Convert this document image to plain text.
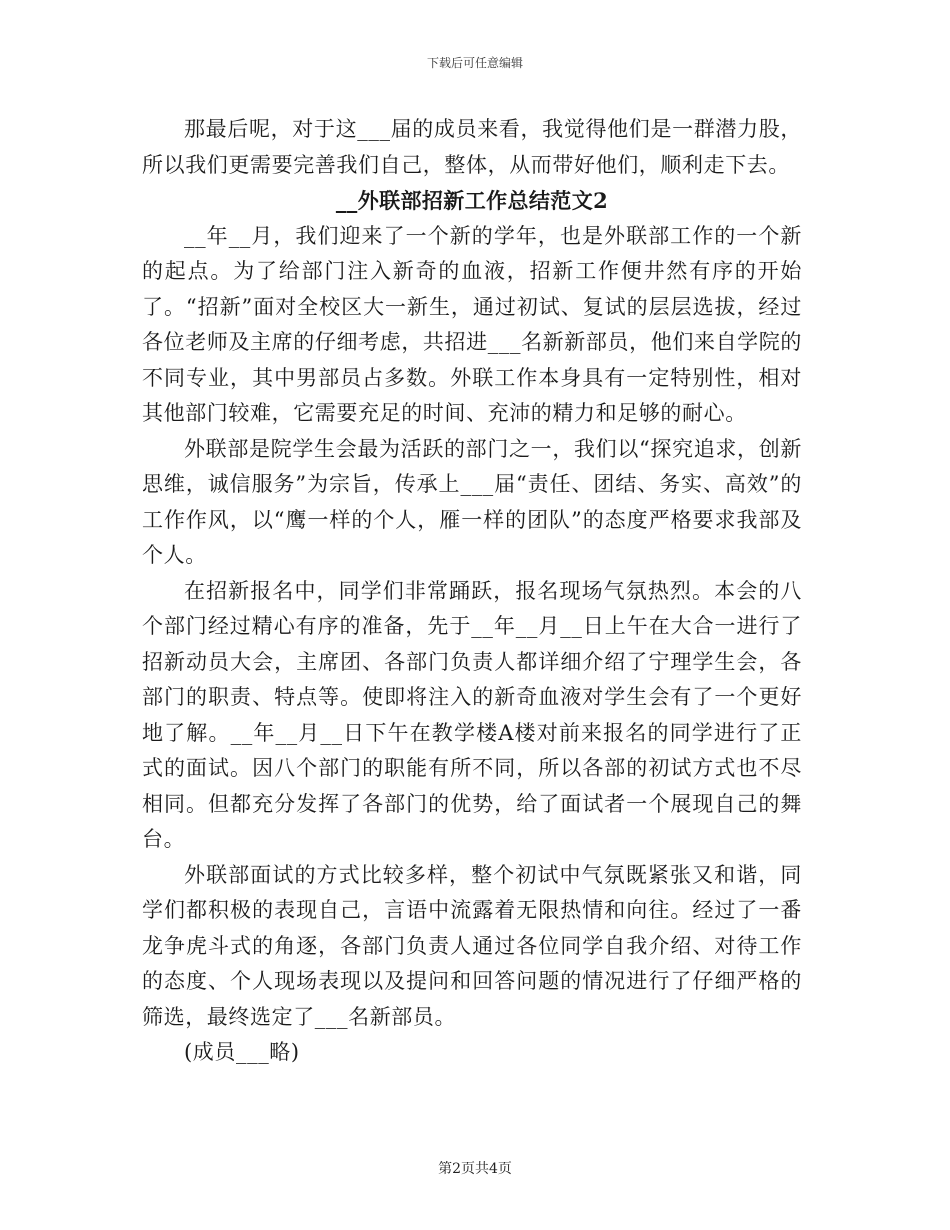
下载后可任意编辑

那最后呢，对于这___届的成员来看，我觉得他们是一群潜力股，所以我们更需要完善我们自己，整体，从而带好他们，顺利走下去。

__外联部招新工作总结范文2

__年__月，我们迎来了一个新的学年，也是外联部工作的一个新的起点。为了给部门注入新奇的血液，招新工作便井然有序的开始了。“招新”面对全校区大一新生，通过初试、复试的层层选拔，经过各位老师及主席的仔细考虑，共招进___名新新部员，他们来自学院的不同专业，其中男部员占多数。外联工作本身具有一定特别性，相对其他部门较难，它需要充足的时间、充沛的精力和足够的耐心。

外联部是院学生会最为活跃的部门之一，我们以“探究追求，创新思维，诚信服务”为宗旨，传承上___届“责任、团结、务实、高效”的工作作风，以“鹰一样的个人，雁一样的团队”的态度严格要求我部及个人。

在招新报名中，同学们非常踊跃，报名现场气氛热烈。本会的八个部门经过精心有序的准备，先于__年__月__日上午在大合一进行了招新动员大会，主席团、各部门负责人都详细介绍了宁理学生会，各部门的职责、特点等。使即将注入的新奇血液对学生会有了一个更好地了解。__年__月__日下午在教学楼A楼对前来报名的同学进行了正式的面试。因八个部门的职能有所不同，所以各部的初试方式也不尽相同。但都充分发挥了各部门的优势，给了面试者一个展现自己的舞台。

外联部面试的方式比较多样，整个初试中气氛既紧张又和谐，同学们都积极的表现自己，言语中流露着无限热情和向往。经过了一番龙争虎斗式的角逐，各部门负责人通过各位同学自我介绍、对待工作的态度、个人现场表现以及提问和回答问题的情况进行了仔细严格的筛选，最终选定了___名新部员。

(成员___略)

第2页共4页
